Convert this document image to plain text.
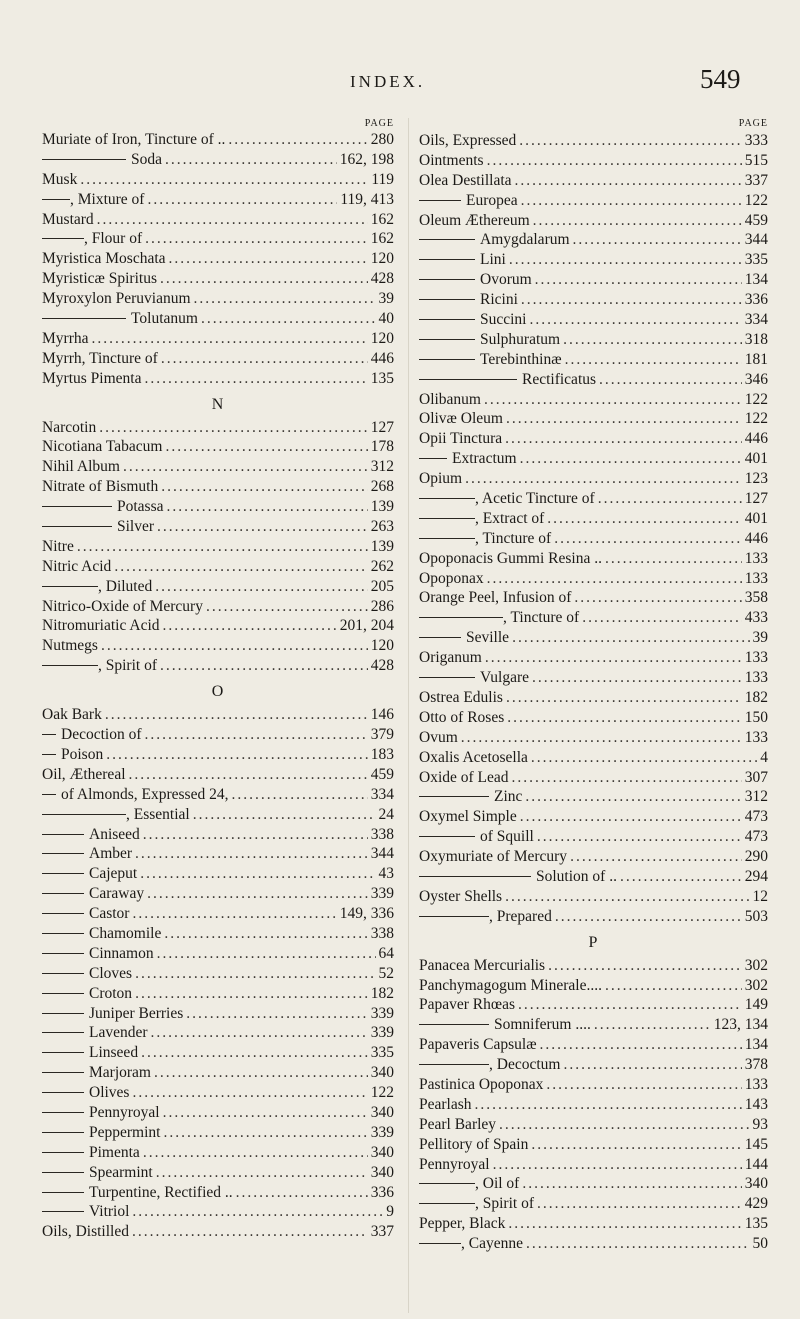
INDEX.	549
PAGE
Muriate of Iron, Tincture of .. .....	280
Soda .....	162, 198
Musk .....	119
, Mixture of .....	119, 413
Mustard .....	162
, Flour of .....	162
Myristica Moschata .....	120
Myristicæ Spiritus .....	428
Myroxylon Peruvianum .....	39
Tolutanum .....	40
Myrrha .....	120
Myrrh, Tincture of .....	446
Myrtus Pimenta .....	135
N
Narcotin .....	127
Nicotiana Tabacum .....	178
Nihil Album .....	312
Nitrate of Bismuth .....	268
Potassa .....	139
Silver .....	263
Nitre .....	139
Nitric Acid .....	262
, Diluted .....	205
Nitrico-Oxide of Mercury .....	286
Nitromuriatic Acid .....	201, 204
Nutmegs .....	120
, Spirit of .....	428
O
Oak Bark .....	146
Decoction of .....	379
Poison .....	183
Oil, Æthereal .....	459
of Almonds, Expressed 24, .....	334
, Essential .....	24
Aniseed .....	338
Amber .....	344
Cajeput .....	43
Caraway .....	339
Castor .....	149, 336
Chamomile .....	338
Cinnamon .....	64
Cloves .....	52
Croton .....	182
Juniper Berries .....	339
Lavender .....	339
Linseed .....	335
Marjoram .....	340
Olives .....	122
Pennyroyal .....	340
Peppermint .....	339
Pimenta .....	340
Spearmint .....	340
Turpentine, Rectified .. .....	336
Vitriol .....	9
Oils, Distilled .....	337
PAGE
Oils, Expressed .....	333
Ointments .....	515
Olea Destillata .....	337
Europea .....	122
Oleum Æthereum .....	459
Amygdalarum .....	344
Lini .....	335
Ovorum .....	134
Ricini .....	336
Succini .....	334
Sulphuratum .....	318
Terebinthinæ .....	181
Rectificatus .....	346
Olibanum .....	122
Olivæ Oleum .....	122
Opii Tinctura .....	446
Extractum .....	401
Opium .....	123
, Acetic Tincture of .....	127
, Extract of .....	401
, Tincture of .....	446
Opoponacis Gummi Resina .. .....	133
Opoponax .....	133
Orange Peel, Infusion of .....	358
, Tincture of .....	433
Seville .....	39
Origanum .....	133
Vulgare .....	133
Ostrea Edulis .....	182
Otto of Roses .....	150
Ovum .....	133
Oxalis Acetosella .....	4
Oxide of Lead .....	307
Zinc .....	312
Oxymel Simple .....	473
of Squill .....	473
Oxymuriate of Mercury .....	290
Solution of .. .....	294
Oyster Shells .....	12
, Prepared .....	503
P
Panacea Mercurialis .....	302
Panchymagogum Minerale.... .....	302
Papaver Rhœas .....	149
Somniferum .... .....	123, 134
Papaveris Capsulæ .....	134
, Decoctum .....	378
Pastinica Opoponax .....	133
Pearlash .....	143
Pearl Barley .....	93
Pellitory of Spain .....	145
Pennyroyal .....	144
, Oil of .....	340
, Spirit of .....	429
Pepper, Black .....	135
, Cayenne .....	50
